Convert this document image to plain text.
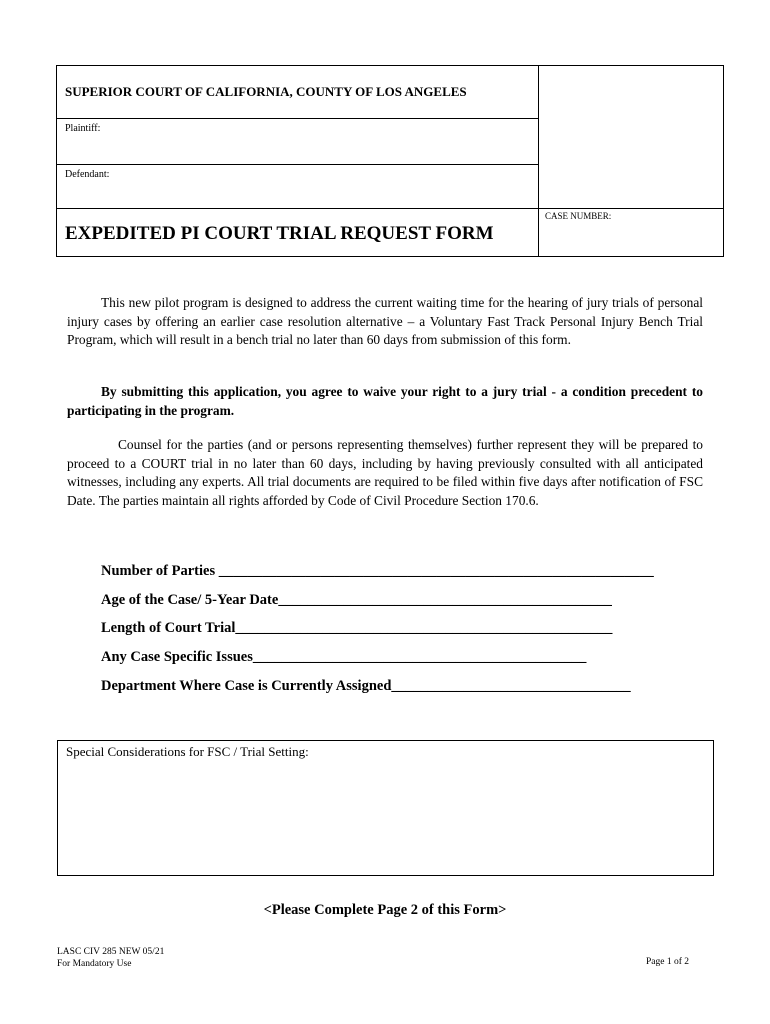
SUPERIOR COURT OF CALIFORNIA, COUNTY OF LOS ANGELES
Plaintiff:
Defendant:
EXPEDITED PI COURT TRIAL REQUEST FORM
CASE NUMBER:

This new pilot program is designed to address the current waiting time for the hearing of jury trials of personal injury cases by offering an earlier case resolution alternative – a Voluntary Fast Track Personal Injury Bench Trial Program, which will result in a bench trial no later than 60 days from submission of this form.

By submitting this application, you agree to waive your right to a jury trial - a condition precedent to participating in the program.

Counsel for the parties (and or persons representing themselves) further represent they will be prepared to proceed to a COURT trial in no later than 60 days, including by having previously consulted with all anticipated witnesses, including any experts. All trial documents are required to be filed within five days after notification of FSC Date. The parties maintain all rights afforded by Code of Civil Procedure Section 170.6.

Number of Parties ____________________________________________________________
Age of the Case/ 5-Year Date______________________________________________
Length of Court Trial____________________________________________________
Any Case Specific Issues______________________________________________
Department Where Case is Currently Assigned_________________________________
Special Considerations for FSC / Trial Setting:
<Please Complete Page 2 of this Form>
LASC CIV 285 NEW 05/21
For Mandatory Use	Page 1 of 2
